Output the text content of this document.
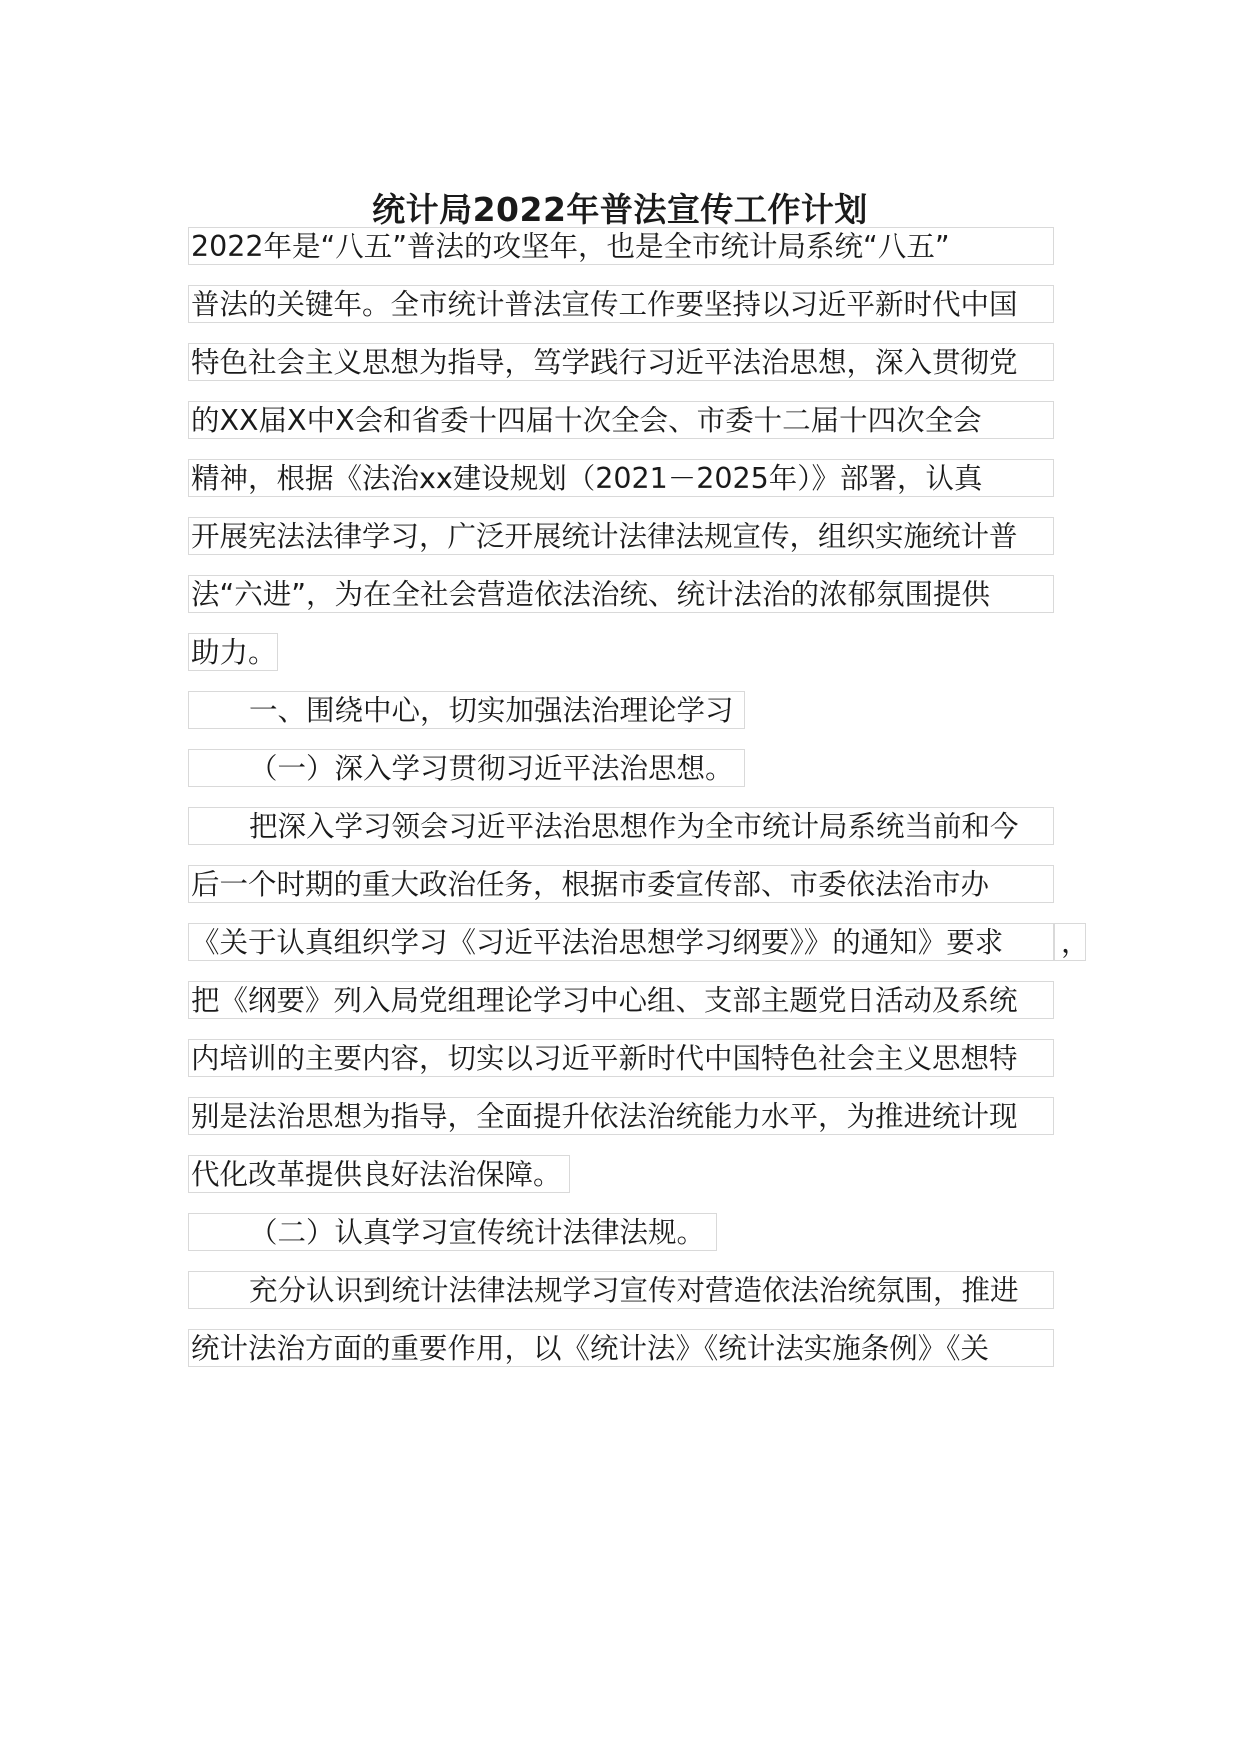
统计局2022年普法宣传工作计划
2022年是“八五”普法的攻坚年，也是全市统计局系统“八五”
普法的关键年。全市统计普法宣传工作要坚持以习近平新时代中国
特色社会主义思想为指导，笃学践行习近平法治思想，深入贯彻党
的XX届X中X会和省委十四届十次全会、市委十二届十四次全会
精神，根据《法治xx建设规划（2021－2025年）》部署，认真
开展宪法法律学习，广泛开展统计法律法规宣传，组织实施统计普
法“六进”，为在全社会营造依法治统、统计法治的浓郁氛围提供
助力。
一、围绕中心，切实加强法治理论学习
（一）深入学习贯彻习近平法治思想。
把深入学习领会习近平法治思想作为全市统计局系统当前和今
后一个时期的重大政治任务，根据市委宣传部、市委依法治市办
《关于认真组织学习《习近平法治思想学习纲要》》的通知》要求	，
把《纲要》列入局党组理论学习中心组、支部主题党日活动及系统
内培训的主要内容，切实以习近平新时代中国特色社会主义思想特
别是法治思想为指导，全面提升依法治统能力水平，为推进统计现
代化改革提供良好法治保障。
（二）认真学习宣传统计法律法规。
充分认识到统计法律法规学习宣传对营造依法治统氛围，推进
统计法治方面的重要作用，以《统计法》《统计法实施条例》《关
